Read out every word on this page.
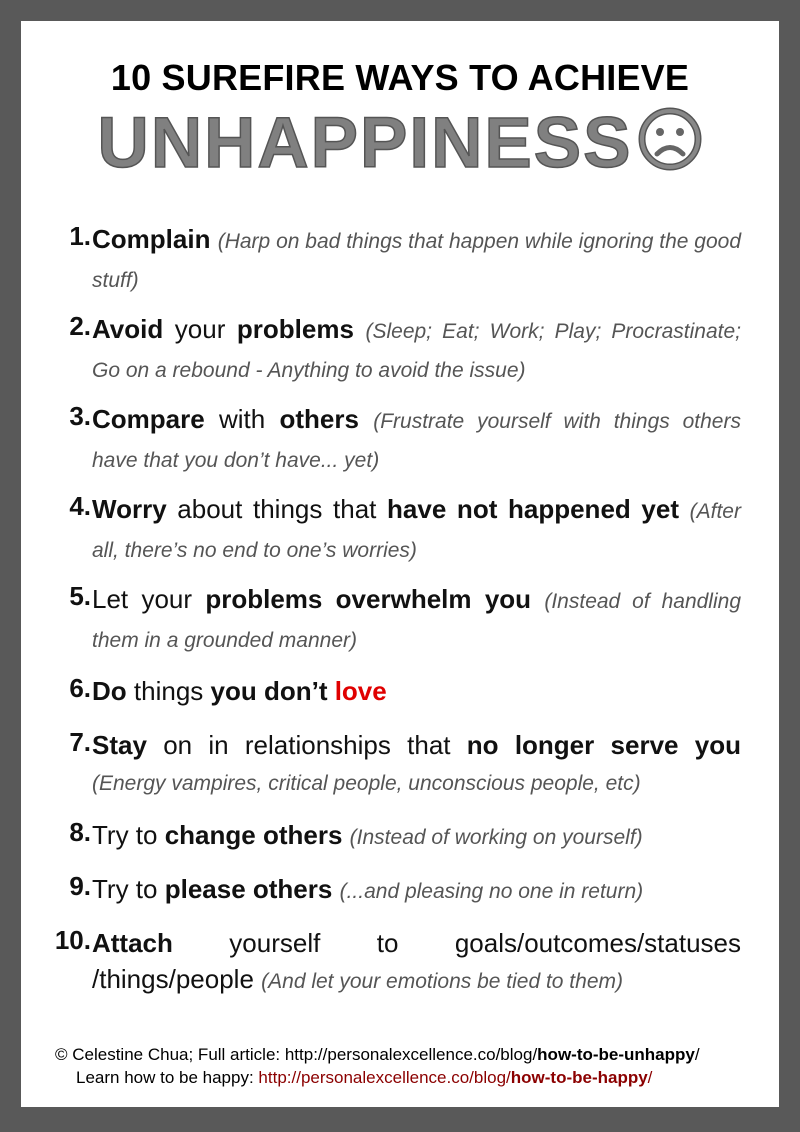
10 SUREFIRE WAYS TO ACHIEVE
UNHAPPINESS
1. Complain (Harp on bad things that happen while ignoring the good stuff)
2. Avoid your problems (Sleep; Eat; Work; Play; Procrastinate; Go on a rebound - Anything to avoid the issue)
3. Compare with others (Frustrate yourself with things others have that you don’t have... yet)
4. Worry about things that have not happened yet (After all, there’s no end to one’s worries)
5. Let your problems overwhelm you (Instead of handling them in a grounded manner)
6. Do things you don’t love
7. Stay on in relationships that no longer serve you (Energy vampires, critical people, unconscious people, etc)
8. Try to change others (Instead of working on yourself)
9. Try to please others (...and pleasing no one in return)
10. Attach yourself to goals/outcomes/statuses /things/people (And let your emotions be tied to them)
© Celestine Chua; Full article: http://personalexcellence.co/blog/how-to-be-unhappy/
Learn how to be happy: http://personalexcellence.co/blog/how-to-be-happy/
